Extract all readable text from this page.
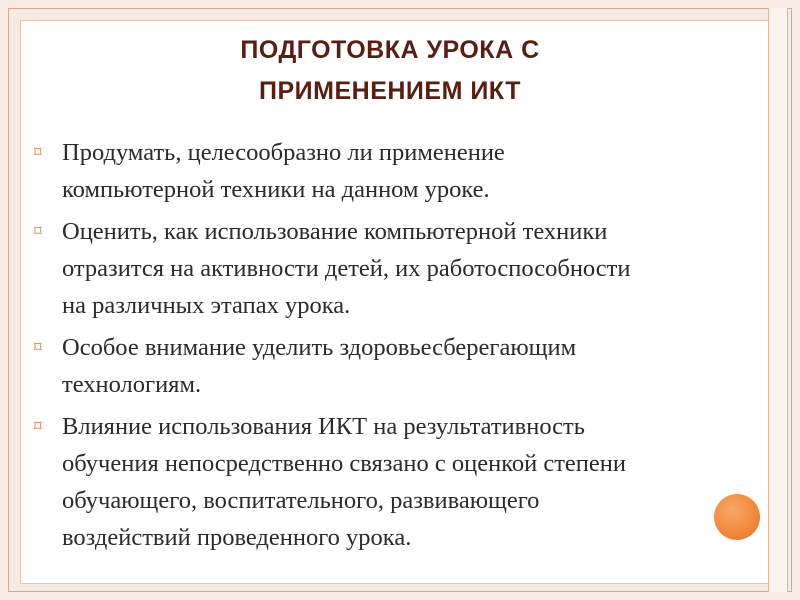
ПОДГОТОВКА УРОКА С
ПРИМЕНЕНИЕМ ИКТ
⌑ Продумать, целесообразно ли применение
компьютерной техники на данном уроке.
⌑ Оценить, как использование компьютерной техники
отразится на активности детей, их работоспособности
на различных этапах урока.
⌑ Особое внимание уделить здоровьесберегающим
технологиям.
⌑ Влияние использования ИКТ на результативность
обучения непосредственно связано с оценкой степени
обучающего, воспитательного, развивающего
воздействий проведенного урока.
